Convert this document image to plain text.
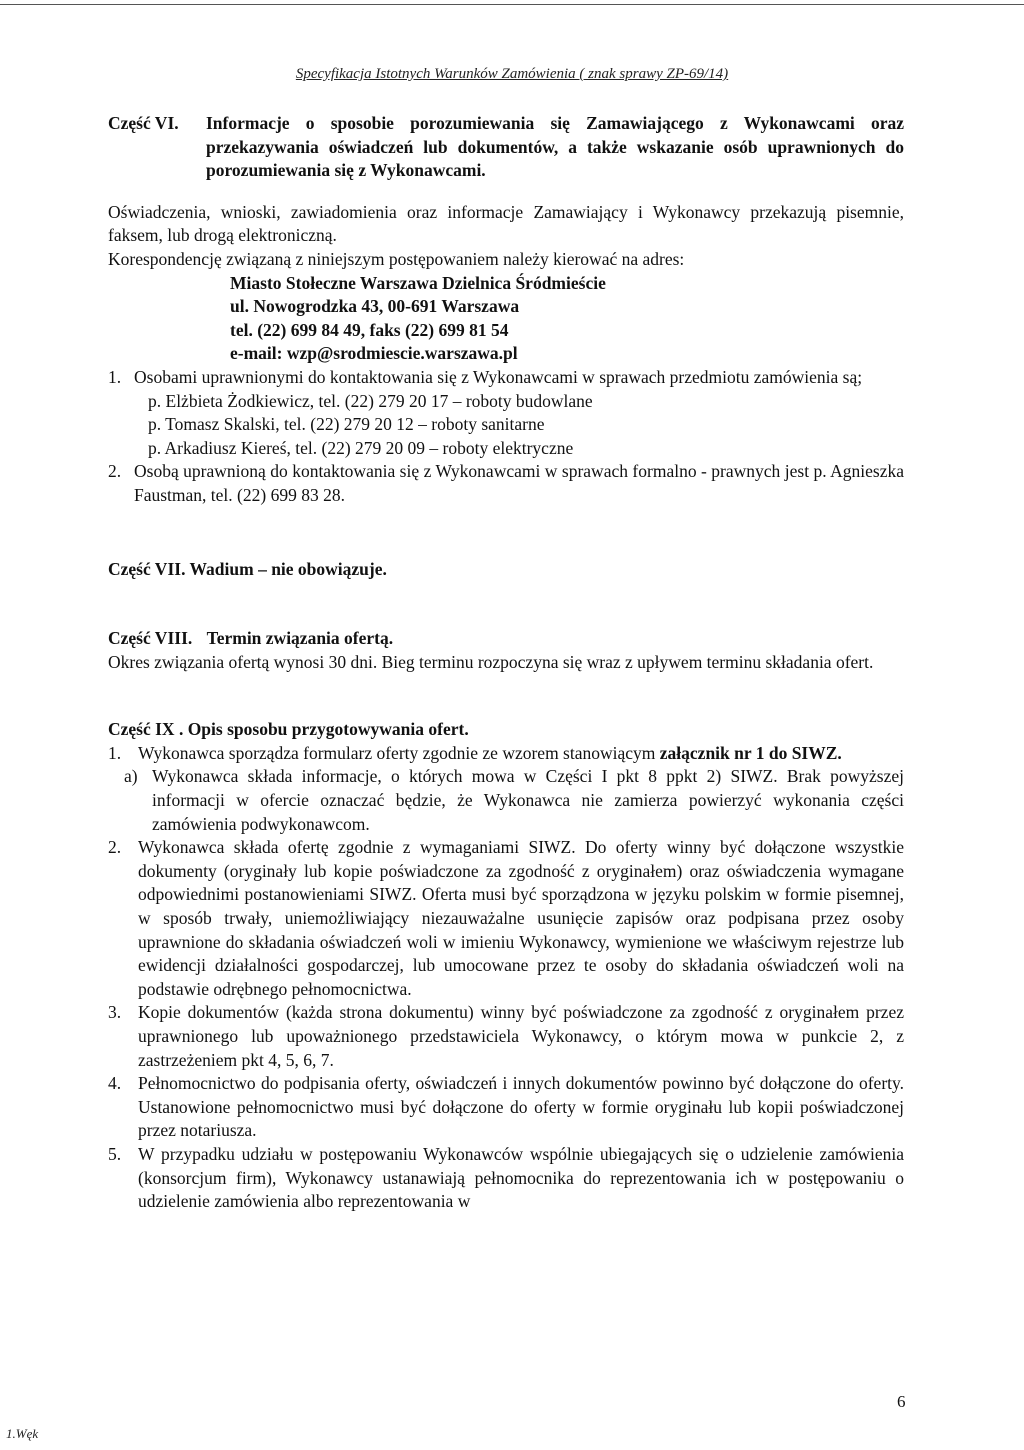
Specyfikacja Istotnych Warunków Zamówienia ( znak sprawy ZP-69/14)
Część VI.	Informacje o sposobie porozumiewania się Zamawiającego z Wykonawcami oraz przekazywania oświadczeń lub dokumentów, a także wskazanie osób uprawnionych do porozumiewania się z Wykonawcami.

Oświadczenia, wnioski, zawiadomienia oraz informacje Zamawiający i Wykonawcy przekazują pisemnie, faksem, lub drogą elektroniczną.

Korespondencję związaną z niniejszym postępowaniem należy kierować na adres:

Miasto Stołeczne Warszawa Dzielnica Śródmieście
ul. Nowogrodzka 43, 00-691 Warszawa
tel. (22) 699 84 49, faks (22) 699 81 54
e-mail: wzp@srodmiescie.warszawa.pl
1. Osobami uprawnionymi do kontaktowania się z Wykonawcami w sprawach przedmiotu zamówienia są;
p. Elżbieta Żodkiewicz, tel. (22) 279 20 17 – roboty budowlane
p. Tomasz Skalski, tel. (22) 279 20 12 – roboty sanitarne
p. Arkadiusz Kiereś, tel. (22) 279 20 09 – roboty elektryczne
2. Osobą uprawnioną do kontaktowania się z Wykonawcami w sprawach formalno - prawnych jest p. Agnieszka Faustman, tel. (22) 699 83 28.
Część VII. Wadium – nie obowiązuje.
Część VIII. Termin związania ofertą.

Okres związania ofertą wynosi 30 dni. Bieg terminu rozpoczyna się wraz z upływem terminu składania ofert.

Część IX . Opis sposobu przygotowywania ofert.
1. Wykonawca sporządza formularz oferty zgodnie ze wzorem stanowiącym załącznik nr 1 do SIWZ.
a) Wykonawca składa informacje, o których mowa w Części I pkt 8 ppkt 2) SIWZ. Brak powyższej informacji w ofercie oznaczać będzie, że Wykonawca nie zamierza powierzyć wykonania części zamówienia podwykonawcom.
2. Wykonawca składa ofertę zgodnie z wymaganiami SIWZ. Do oferty winny być dołączone wszystkie dokumenty (oryginały lub kopie poświadczone za zgodność z oryginałem) oraz oświadczenia wymagane odpowiednimi postanowieniami SIWZ. Oferta musi być sporządzona w języku polskim w formie pisemnej, w sposób trwały, uniemożliwiający niezauważalne usunięcie zapisów oraz podpisana przez osoby uprawnione do składania oświadczeń woli w imieniu Wykonawcy, wymienione we właściwym rejestrze lub ewidencji działalności gospodarczej, lub umocowane przez te osoby do składania oświadczeń woli na podstawie odrębnego pełnomocnictwa.
3. Kopie dokumentów (każda strona dokumentu) winny być poświadczone za zgodność z oryginałem przez uprawnionego lub upoważnionego przedstawiciela Wykonawcy, o którym mowa w punkcie 2, z zastrzeżeniem pkt 4, 5, 6, 7.
4. Pełnomocnictwo do podpisania oferty, oświadczeń i innych dokumentów powinno być dołączone do oferty. Ustanowione pełnomocnictwo musi być dołączone do oferty w formie oryginału lub kopii poświadczonej przez notariusza.
5. W przypadku udziału w postępowaniu Wykonawców wspólnie ubiegających się o udzielenie zamówienia (konsorcjum firm), Wykonawcy ustanawiają pełnomocnika do reprezentowania ich w postępowaniu o udzielenie zamówienia albo reprezentowania w
6
1.Węk
